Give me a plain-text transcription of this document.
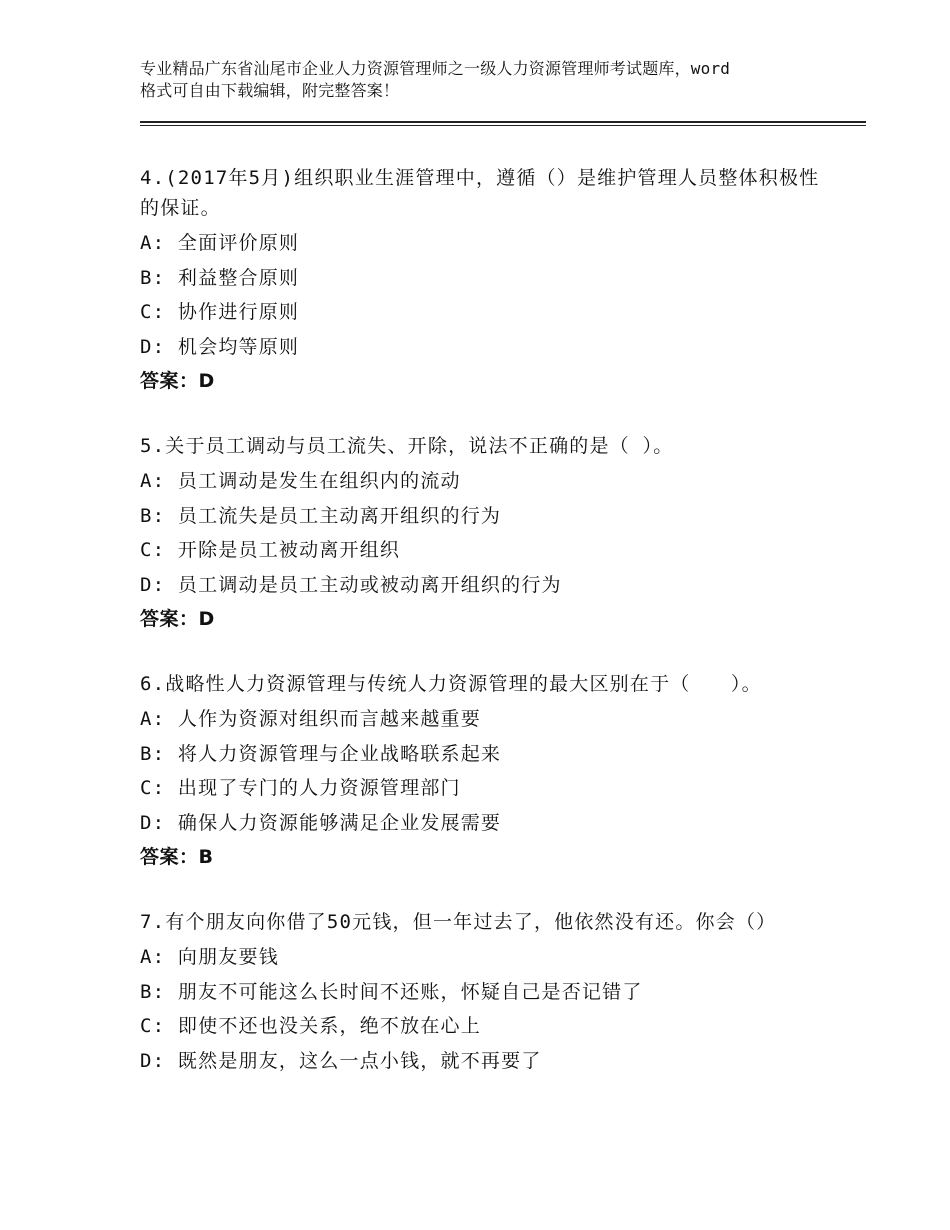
专业精品广东省汕尾市企业人力资源管理师之一级人力资源管理师考试题库，word
格式可自由下载编辑，附完整答案！
4.(2017年5月)组织职业生涯管理中，遵循（）是维护管理人员整体积极性的保证。
A: 全面评价原则
B: 利益整合原则
C: 协作进行原则
D: 机会均等原则
答案：D
5.关于员工调动与员工流失、开除，说法不正确的是（ ）。
A: 员工调动是发生在组织内的流动
B: 员工流失是员工主动离开组织的行为
C: 开除是员工被动离开组织
D: 员工调动是员工主动或被动离开组织的行为
答案：D
6.战略性人力资源管理与传统人力资源管理的最大区别在于（　　）。
A: 人作为资源对组织而言越来越重要
B: 将人力资源管理与企业战略联系起来
C: 出现了专门的人力资源管理部门
D: 确保人力资源能够满足企业发展需要
答案：B
7.有个朋友向你借了50元钱，但一年过去了，他依然没有还。你会（）
A: 向朋友要钱
B: 朋友不可能这么长时间不还账，怀疑自己是否记错了
C: 即使不还也没关系，绝不放在心上
D: 既然是朋友，这么一点小钱，就不再要了
